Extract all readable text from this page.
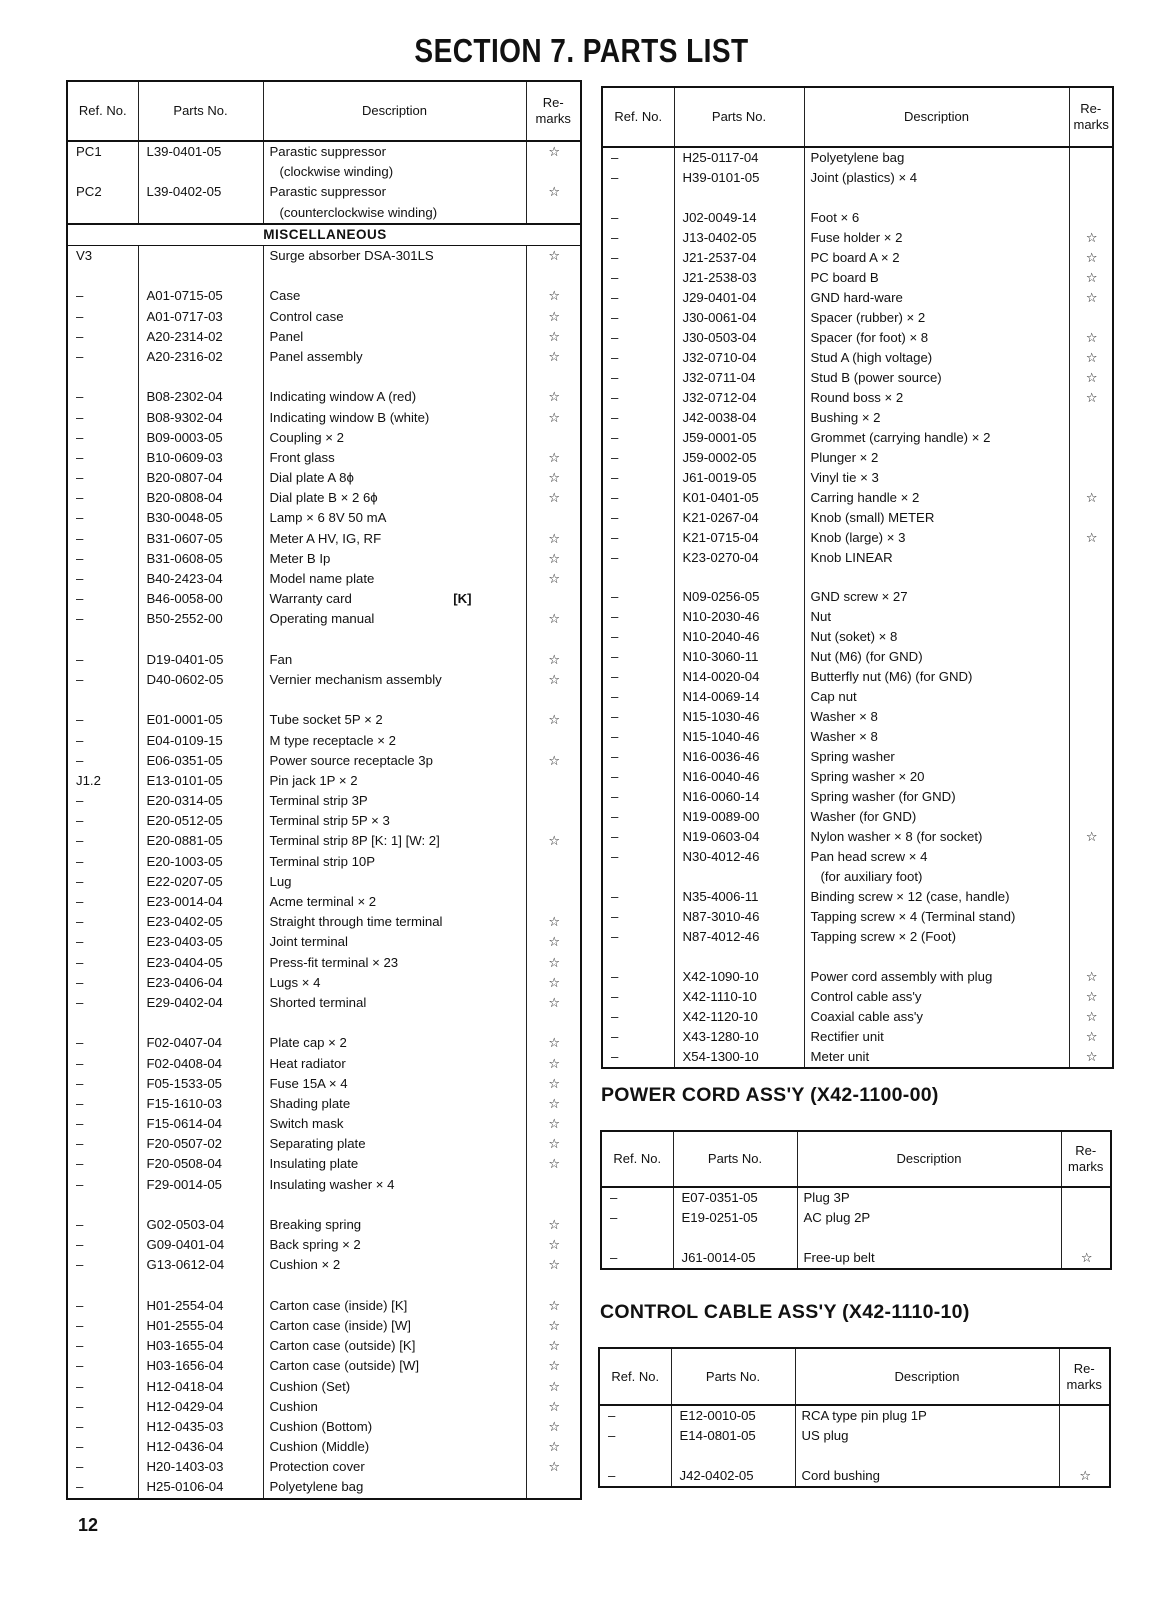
SECTION 7. PARTS LIST
Ref. No.	Parts No.	Description	Re-
marks
PC1	L39-0401-05	Parastic suppressor	☆
		(clockwise winding)	
PC2	L39-0402-05	Parastic suppressor	☆
		(counterclockwise winding)	
MISCELLANEOUS			
V3		Surge absorber DSA-301LS	☆

–	A01-0715-05	Case	☆
–	A01-0717-03	Control case	☆
–	A20-2314-02	Panel	☆
–	A20-2316-02	Panel assembly	☆

–	B08-2302-04	Indicating window A (red)	☆
–	B08-9302-04	Indicating window B (white)	☆
–	B09-0003-05	Coupling × 2	
–	B10-0609-03	Front glass	☆
–	B20-0807-04	Dial plate A 8ϕ	☆
–	B20-0808-04	Dial plate B × 2 6ϕ	☆
–	B30-0048-05	Lamp × 6 8V 50 mA	
–	B31-0607-05	Meter A HV, IG, RF	☆
–	B31-0608-05	Meter B Ip	☆
–	B40-2423-04	Model name plate	☆
–	B46-0058-00	Warranty card [K]	

–	B50-2552-00	Operating manual	☆

–	D19-0401-05	Fan	☆
–	D40-0602-05	Vernier mechanism assembly	☆

–	E01-0001-05	Tube socket 5P × 2	☆
–	E04-0109-15	M type receptacle × 2	
–	E06-0351-05	Power source receptacle 3p	☆
J1.2	E13-0101-05	Pin jack 1P × 2	
–	E20-0314-05	Terminal strip 3P	
–	E20-0512-05	Terminal strip 5P × 3	
–	E20-0881-05	Terminal strip 8P [K: 1] [W: 2]	☆
–	E20-1003-05	Terminal strip 10P	
–	E22-0207-05	Lug	
–	E23-0014-04	Acme terminal × 2	
–	E23-0402-05	Straight through time terminal	☆
–	E23-0403-05	Joint terminal	☆
–	E23-0404-05	Press-fit terminal × 23	☆
–	E23-0406-04	Lugs × 4	☆
–	E29-0402-04	Shorted terminal	☆

–	F02-0407-04	Plate cap × 2	☆
–	F02-0408-04	Heat radiator	☆
–	F05-1533-05	Fuse 15A × 4	☆
–	F15-1610-03	Shading plate	☆
–	F15-0614-04	Switch mask	☆
–	F20-0507-02	Separating plate	☆
–	F20-0508-04	Insulating plate	☆
–	F29-0014-05	Insulating washer × 4	

–	G02-0503-04	Breaking spring	☆
–	G09-0401-04	Back spring × 2	☆
–	G13-0612-04	Cushion × 2	☆

–	H01-2554-04	Carton case (inside) [K]	☆
–	H01-2555-04	Carton case (inside) [W]	☆
–	H03-1655-04	Carton case (outside) [K]	☆
–	H03-1656-04	Carton case (outside) [W]	☆
–	H12-0418-04	Cushion (Set)	☆
–	H12-0429-04	Cushion	☆
–	H12-0435-03	Cushion (Bottom)	☆
–	H12-0436-04	Cushion (Middle)	☆
–	H20-1403-03	Protection cover	☆
–	H25-0106-04	Polyetylene bag	
Ref. No.	Parts No.	Description	Re-
marks
–	H25-0117-04	Polyetylene bag	
–	H39-0101-05	Joint (plastics) × 4	

–	J02-0049-14	Foot × 6	
–	J13-0402-05	Fuse holder × 2	☆
–	J21-2537-04	PC board A × 2	☆
–	J21-2538-03	PC board B	☆
–	J29-0401-04	GND hard-ware	☆
–	J30-0061-04	Spacer (rubber) × 2	
–	J30-0503-04	Spacer (for foot) × 8	☆
–	J32-0710-04	Stud A (high voltage)	☆
–	J32-0711-04	Stud B (power source)	☆
–	J32-0712-04	Round boss × 2	☆
–	J42-0038-04	Bushing × 2	
–	J59-0001-05	Grommet (carrying handle) × 2	
–	J59-0002-05	Plunger × 2	
–	J61-0019-05	Vinyl tie × 3	
–	K01-0401-05	Carring handle × 2	☆
–	K21-0267-04	Knob (small) METER	
–	K21-0715-04	Knob (large) × 3	☆
–	K23-0270-04	Knob LINEAR	

–	N09-0256-05	GND screw × 27	
–	N10-2030-46	Nut	
–	N10-2040-46	Nut (soket) × 8	
–	N10-3060-11	Nut (M6) (for GND)	
–	N14-0020-04	Butterfly nut (M6) (for GND)	
–	N14-0069-14	Cap nut	
–	N15-1030-46	Washer × 8	
–	N15-1040-46	Washer × 8	
–	N16-0036-46	Spring washer	
–	N16-0040-46	Spring washer × 20	
–	N16-0060-14	Spring washer (for GND)	
–	N19-0089-00	Washer (for GND)	
–	N19-0603-04	Nylon washer × 8 (for socket)	☆
–	N30-4012-46	Pan head screw × 4	
		(for auxiliary foot)	
–	N35-4006-11	Binding screw × 12 (case, handle)	
–	N87-3010-46	Tapping screw × 4 (Terminal stand)	
–	N87-4012-46	Tapping screw × 2 (Foot)	

–	X42-1090-10	Power cord assembly with plug	☆
–	X42-1110-10	Control cable ass'y	☆
–	X42-1120-10	Coaxial cable ass'y	☆
–	X43-1280-10	Rectifier unit	☆
–	X54-1300-10	Meter unit	☆
POWER CORD ASS'Y (X42-1100-00)
Ref. No.	Parts No.	Description	Re-
marks
–	E07-0351-05	Plug 3P	
–	E19-0251-05	AC plug 2P	

–	J61-0014-05	Free-up belt	☆
CONTROL CABLE ASS'Y (X42-1110-10)
Ref. No.	Parts No.	Description	Re-
marks
–	E12-0010-05	RCA type pin plug 1P	
–	E14-0801-05	US plug	

–	J42-0402-05	Cord bushing	☆
12
